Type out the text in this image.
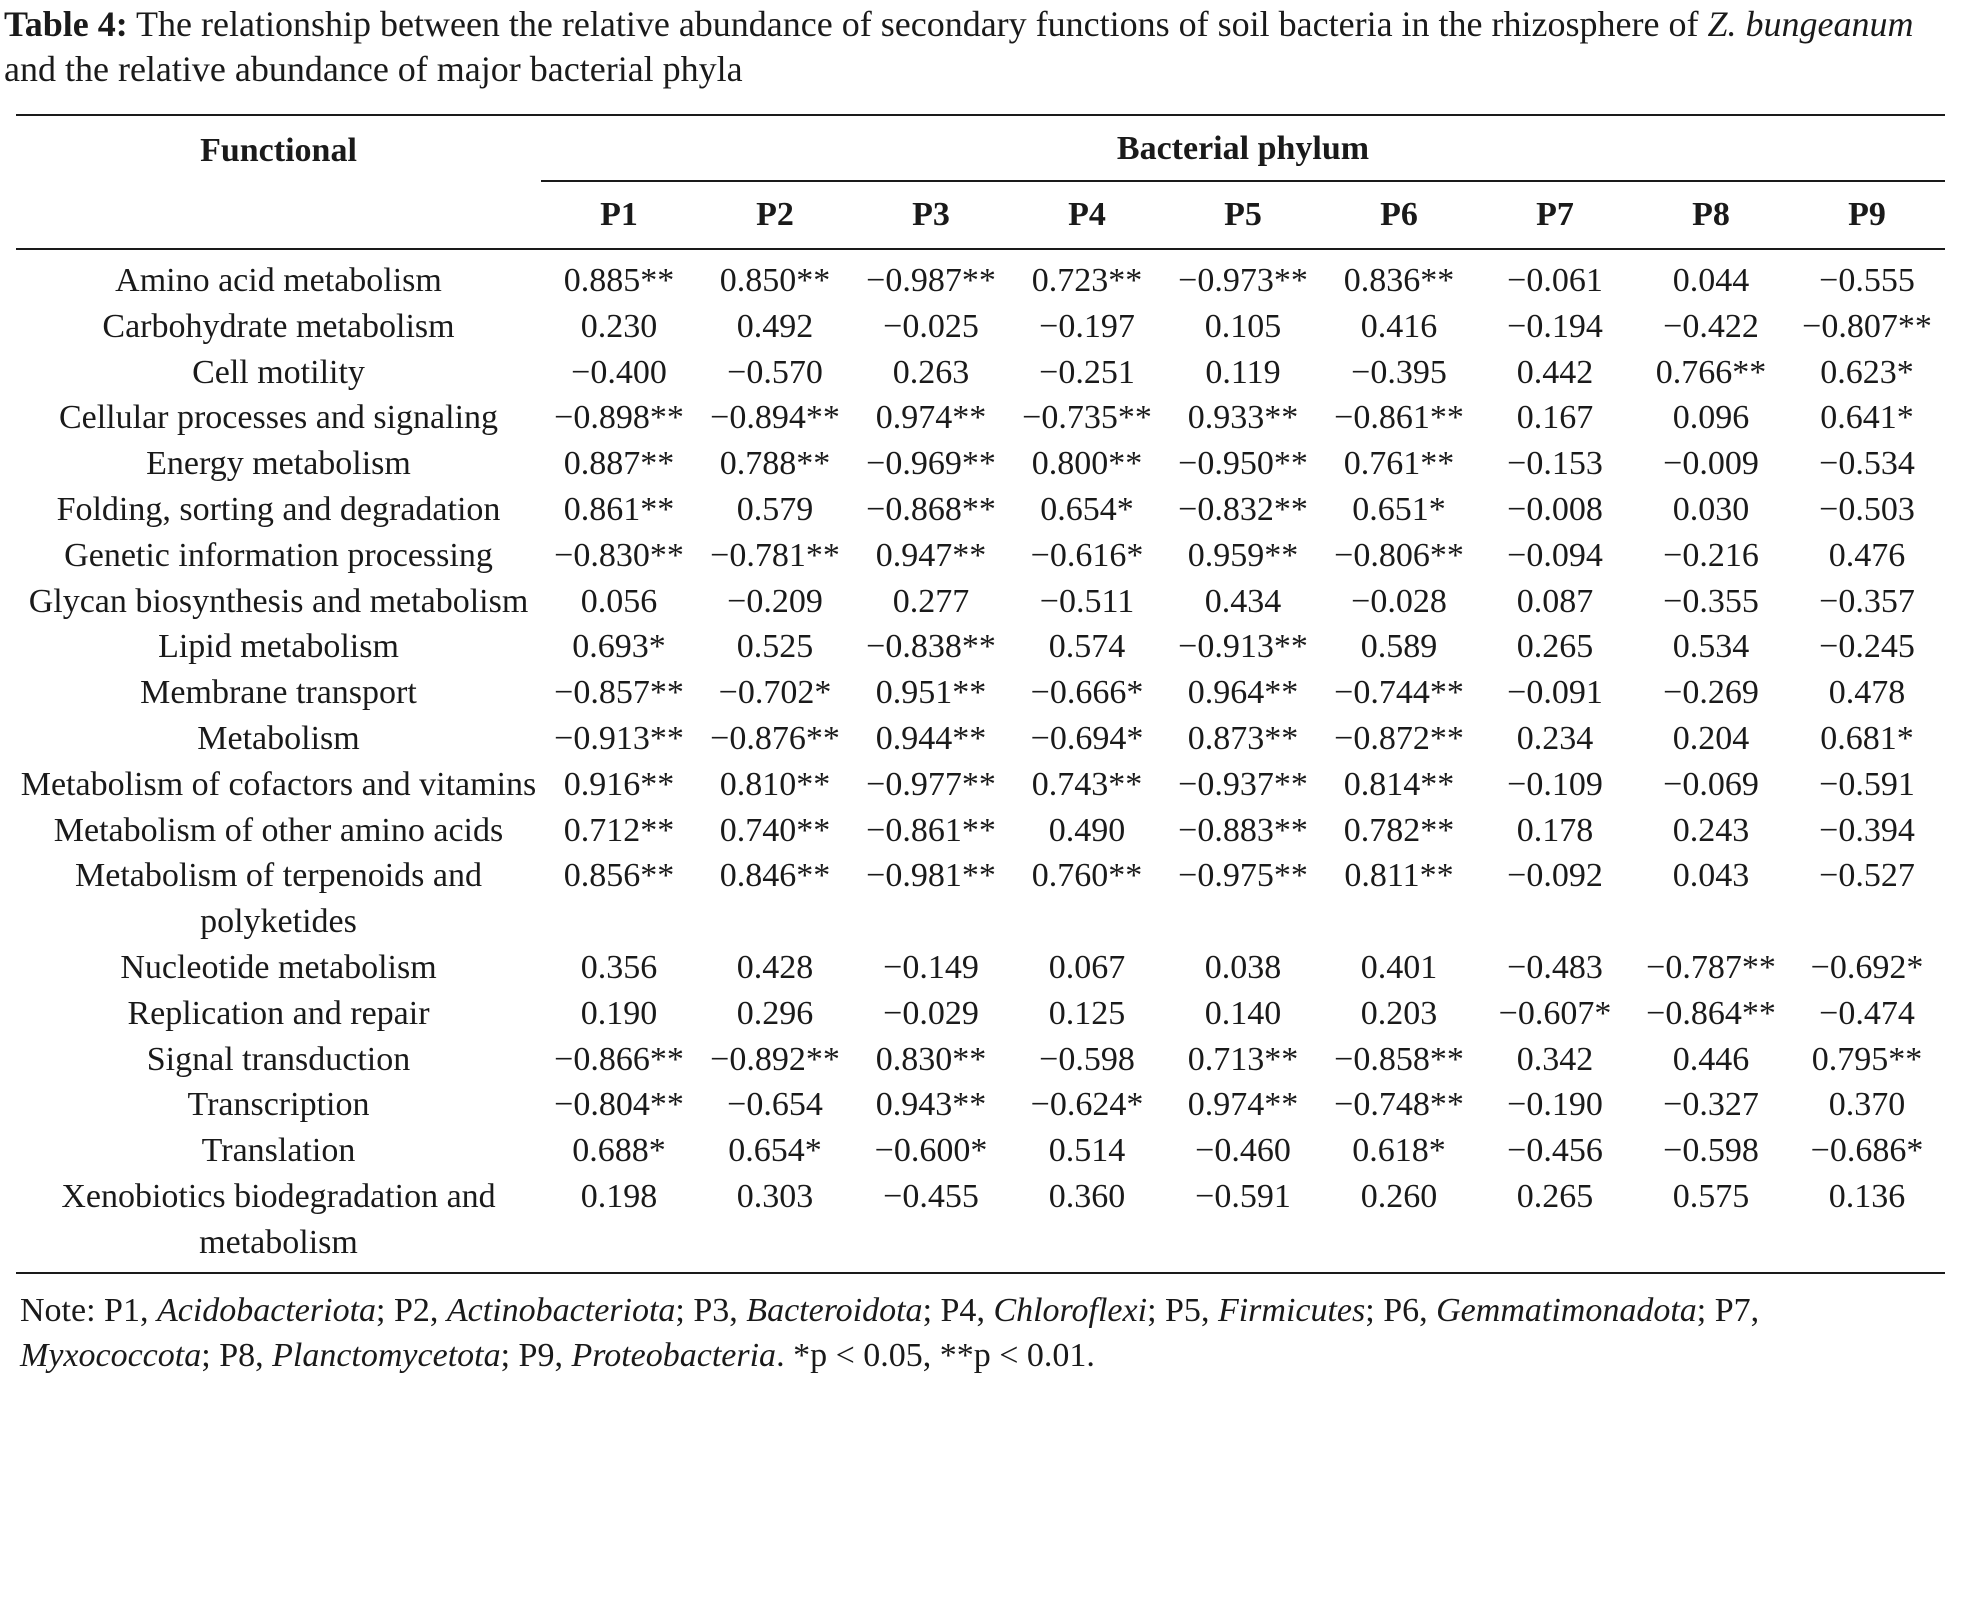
Table 4: The relationship between the relative abundance of secondary functions of soil bacteria in the rhizosphere of Z. bungeanum and the relative abundance of major bacterial phyla
Functional	Bacterial phylum								

	P1	P2	P3	P4	P5	P6	P7	P8	P9
Amino acid metabolism	0.885**	0.850**	−0.987**	0.723**	−0.973**	0.836**	−0.061	0.044	−0.555
Carbohydrate metabolism	0.230	0.492	−0.025	−0.197	0.105	0.416	−0.194	−0.422	−0.807**
Cell motility	−0.400	−0.570	0.263	−0.251	0.119	−0.395	0.442	0.766**	0.623*
Cellular processes and signaling	−0.898**	−0.894**	0.974**	−0.735**	0.933**	−0.861**	0.167	0.096	0.641*
Energy metabolism	0.887**	0.788**	−0.969**	0.800**	−0.950**	0.761**	−0.153	−0.009	−0.534
Folding, sorting and degradation	0.861**	0.579	−0.868**	0.654*	−0.832**	0.651*	−0.008	0.030	−0.503
Genetic information processing	−0.830**	−0.781**	0.947**	−0.616*	0.959**	−0.806**	−0.094	−0.216	0.476
Glycan biosynthesis and metabolism	0.056	−0.209	0.277	−0.511	0.434	−0.028	0.087	−0.355	−0.357
Lipid metabolism	0.693*	0.525	−0.838**	0.574	−0.913**	0.589	0.265	0.534	−0.245
Membrane transport	−0.857**	−0.702*	0.951**	−0.666*	0.964**	−0.744**	−0.091	−0.269	0.478
Metabolism	−0.913**	−0.876**	0.944**	−0.694*	0.873**	−0.872**	0.234	0.204	0.681*
Metabolism of cofactors and vitamins	0.916**	0.810**	−0.977**	0.743**	−0.937**	0.814**	−0.109	−0.069	−0.591
Metabolism of other amino acids	0.712**	0.740**	−0.861**	0.490	−0.883**	0.782**	0.178	0.243	−0.394
Metabolism of terpenoids and polyketides	0.856**	0.846**	−0.981**	0.760**	−0.975**	0.811**	−0.092	0.043	−0.527
Nucleotide metabolism	0.356	0.428	−0.149	0.067	0.038	0.401	−0.483	−0.787**	−0.692*
Replication and repair	0.190	0.296	−0.029	0.125	0.140	0.203	−0.607*	−0.864**	−0.474
Signal transduction	−0.866**	−0.892**	0.830**	−0.598	0.713**	−0.858**	0.342	0.446	0.795**
Transcription	−0.804**	−0.654	0.943**	−0.624*	0.974**	−0.748**	−0.190	−0.327	0.370
Translation	0.688*	0.654*	−0.600*	0.514	−0.460	0.618*	−0.456	−0.598	−0.686*
Xenobiotics biodegradation and metabolism	0.198	0.303	−0.455	0.360	−0.591	0.260	0.265	0.575	0.136
Note: P1, Acidobacteriota; P2, Actinobacteriota; P3, Bacteroidota; P4, Chloroflexi; P5, Firmicutes; P6, Gemmatimonadota; P7, Myxococcota; P8, Planctomycetota; P9, Proteobacteria. *p < 0.05, **p < 0.01.
